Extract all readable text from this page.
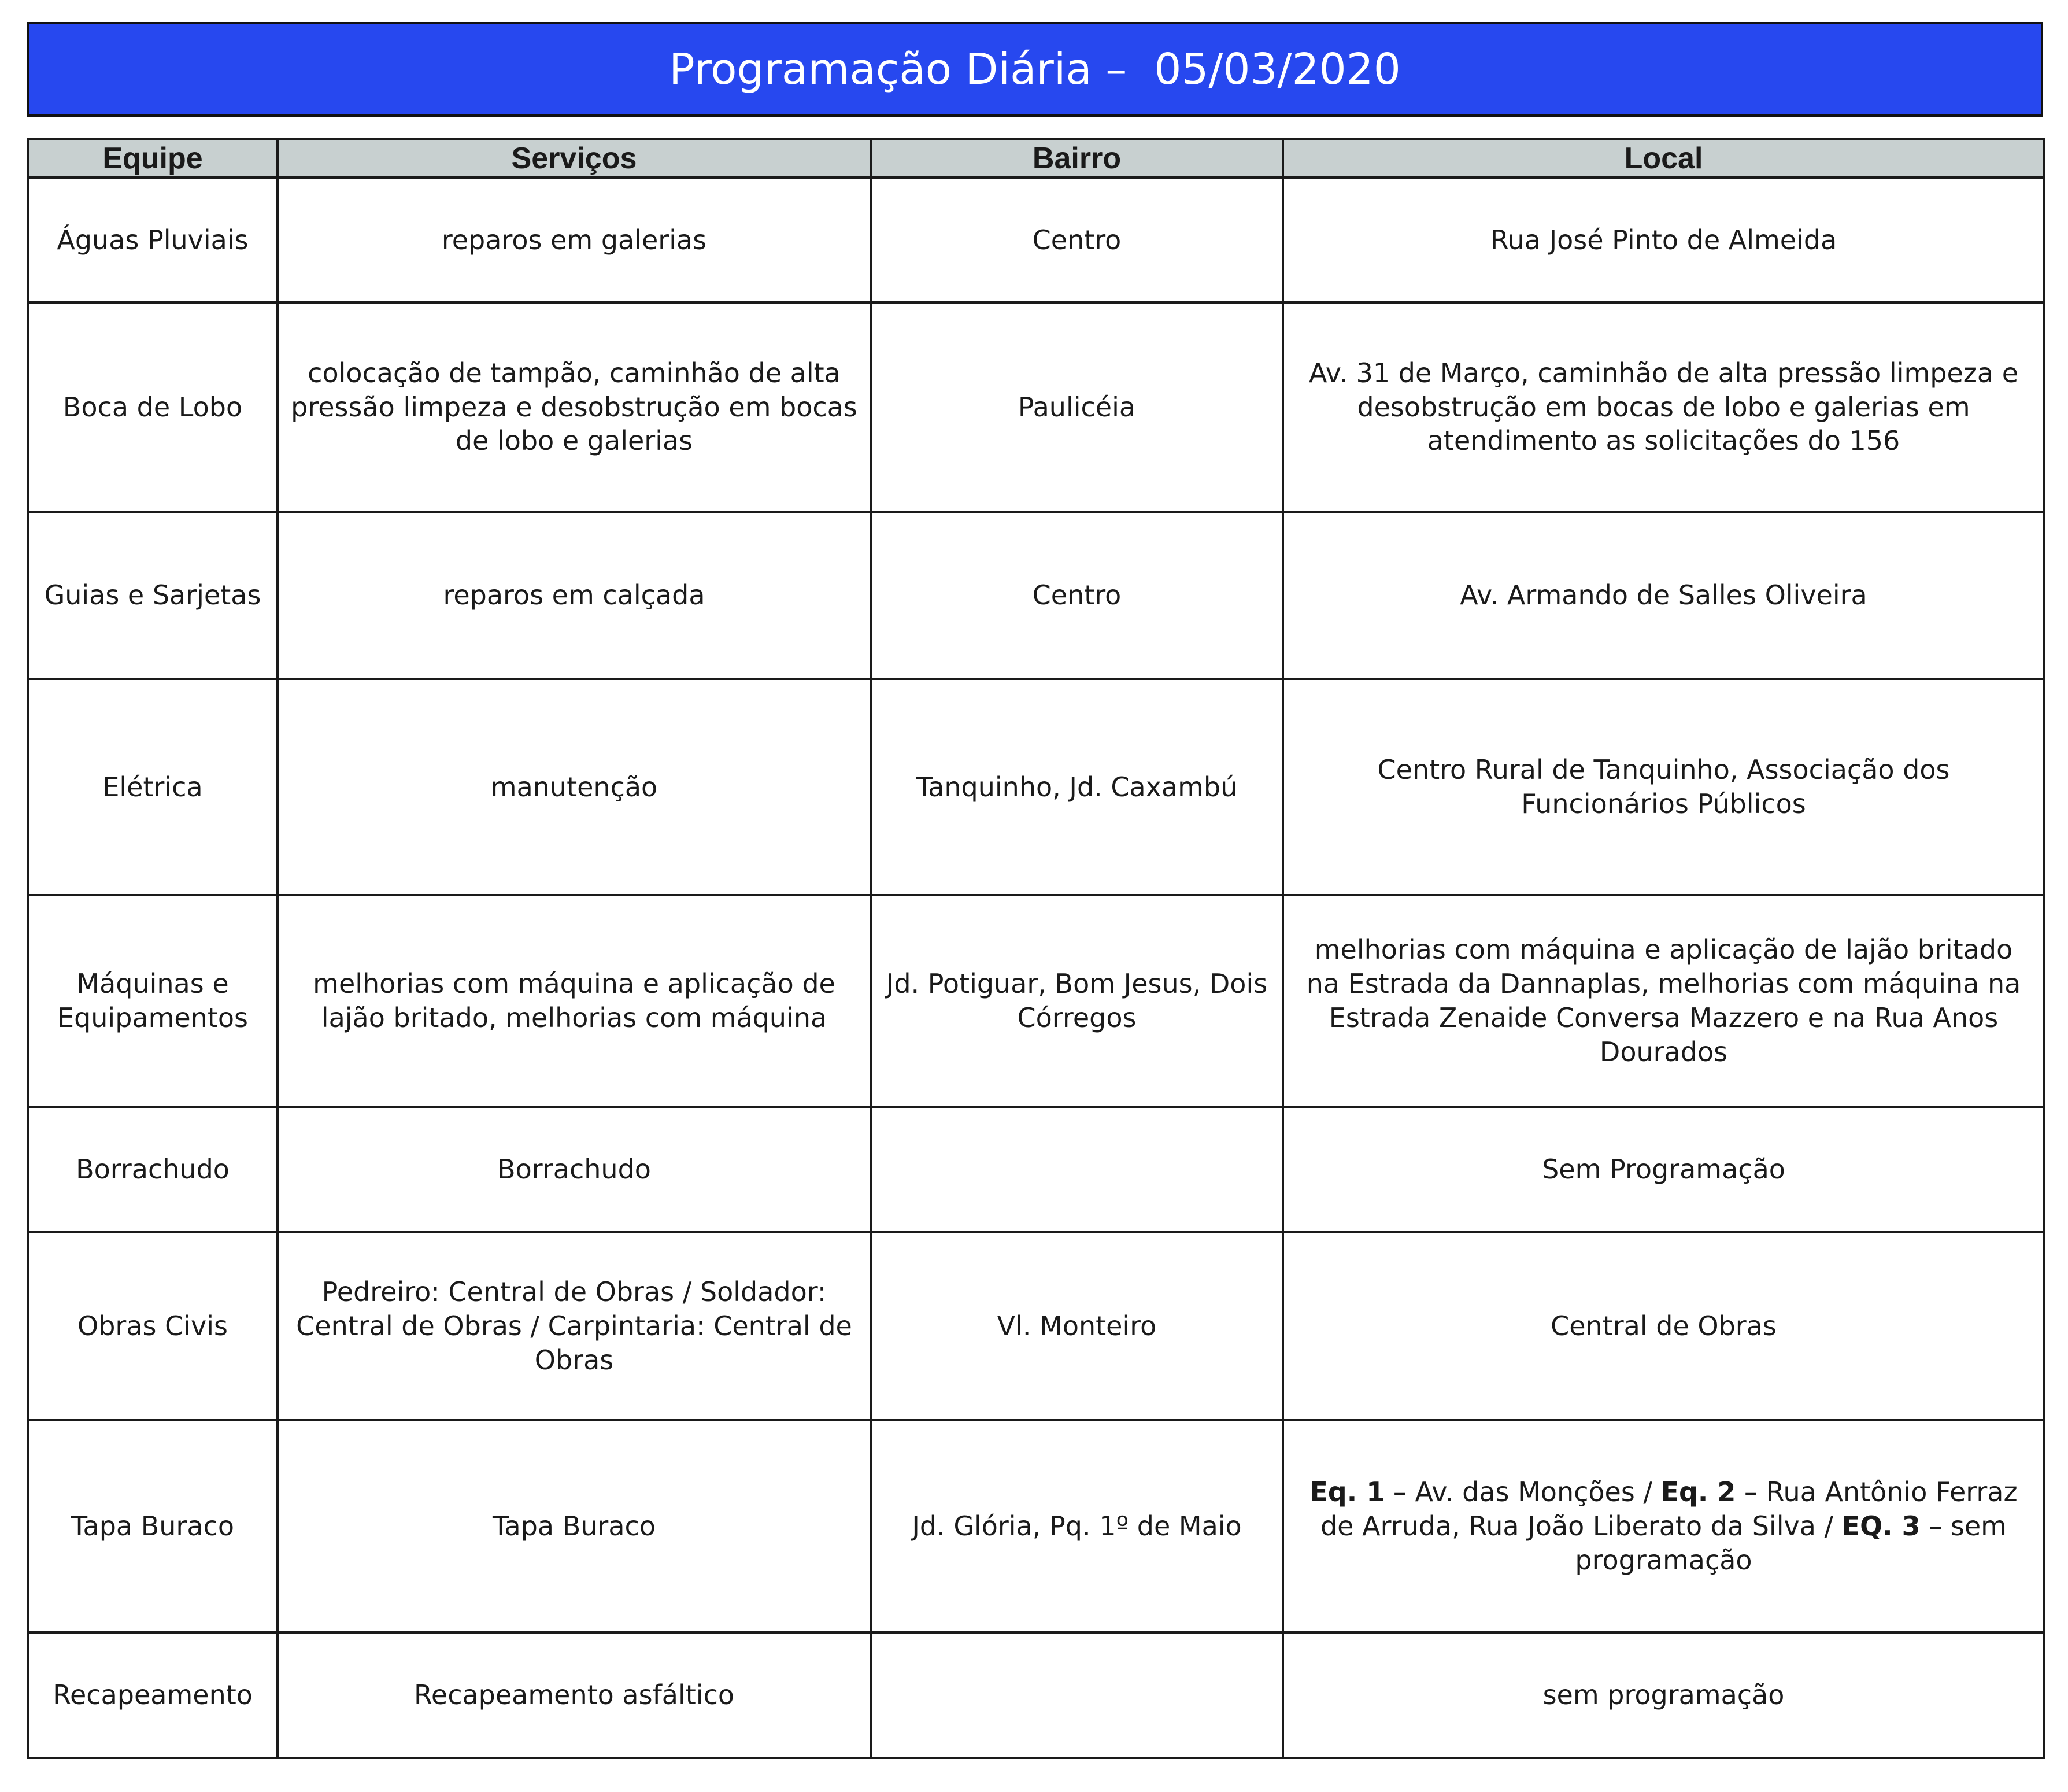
Programação Diária –  05/03/2020
Equipe	Serviços	Bairro	Local
Águas Pluviais	reparos em galerias	Centro	Rua José Pinto de Almeida
Boca de Lobo	colocação de tampão, caminhão de alta pressão limpeza e desobstrução em bocas de lobo e galerias	Paulicéia	Av. 31 de Março, caminhão de alta pressão limpeza e desobstrução em bocas de lobo e galerias em atendimento as solicitações do 156
Guias e Sarjetas	reparos em calçada	Centro	Av. Armando de Salles Oliveira
Elétrica	manutenção	Tanquinho, Jd. Caxambú	Centro Rural de Tanquinho, Associação dos Funcionários Públicos
Máquinas e Equipamentos	melhorias com máquina e aplicação de lajão britado, melhorias com máquina	Jd. Potiguar, Bom Jesus, Dois Córregos	melhorias com máquina e aplicação de lajão britado na Estrada da Dannaplas, melhorias com máquina na Estrada Zenaide Conversa Mazzero e na Rua Anos Dourados
Borrachudo	Borrachudo		Sem Programação
Obras Civis	Pedreiro: Central de Obras / Soldador: Central de Obras / Carpintaria: Central de Obras	Vl. Monteiro	Central de Obras
Tapa Buraco	Tapa Buraco	Jd. Glória, Pq. 1º de Maio	Eq. 1 – Av. das Monções / Eq. 2 – Rua Antônio Ferraz de Arruda, Rua João Liberato da Silva / EQ. 3 – sem programação
Recapeamento	Recapeamento asfáltico		sem programação
